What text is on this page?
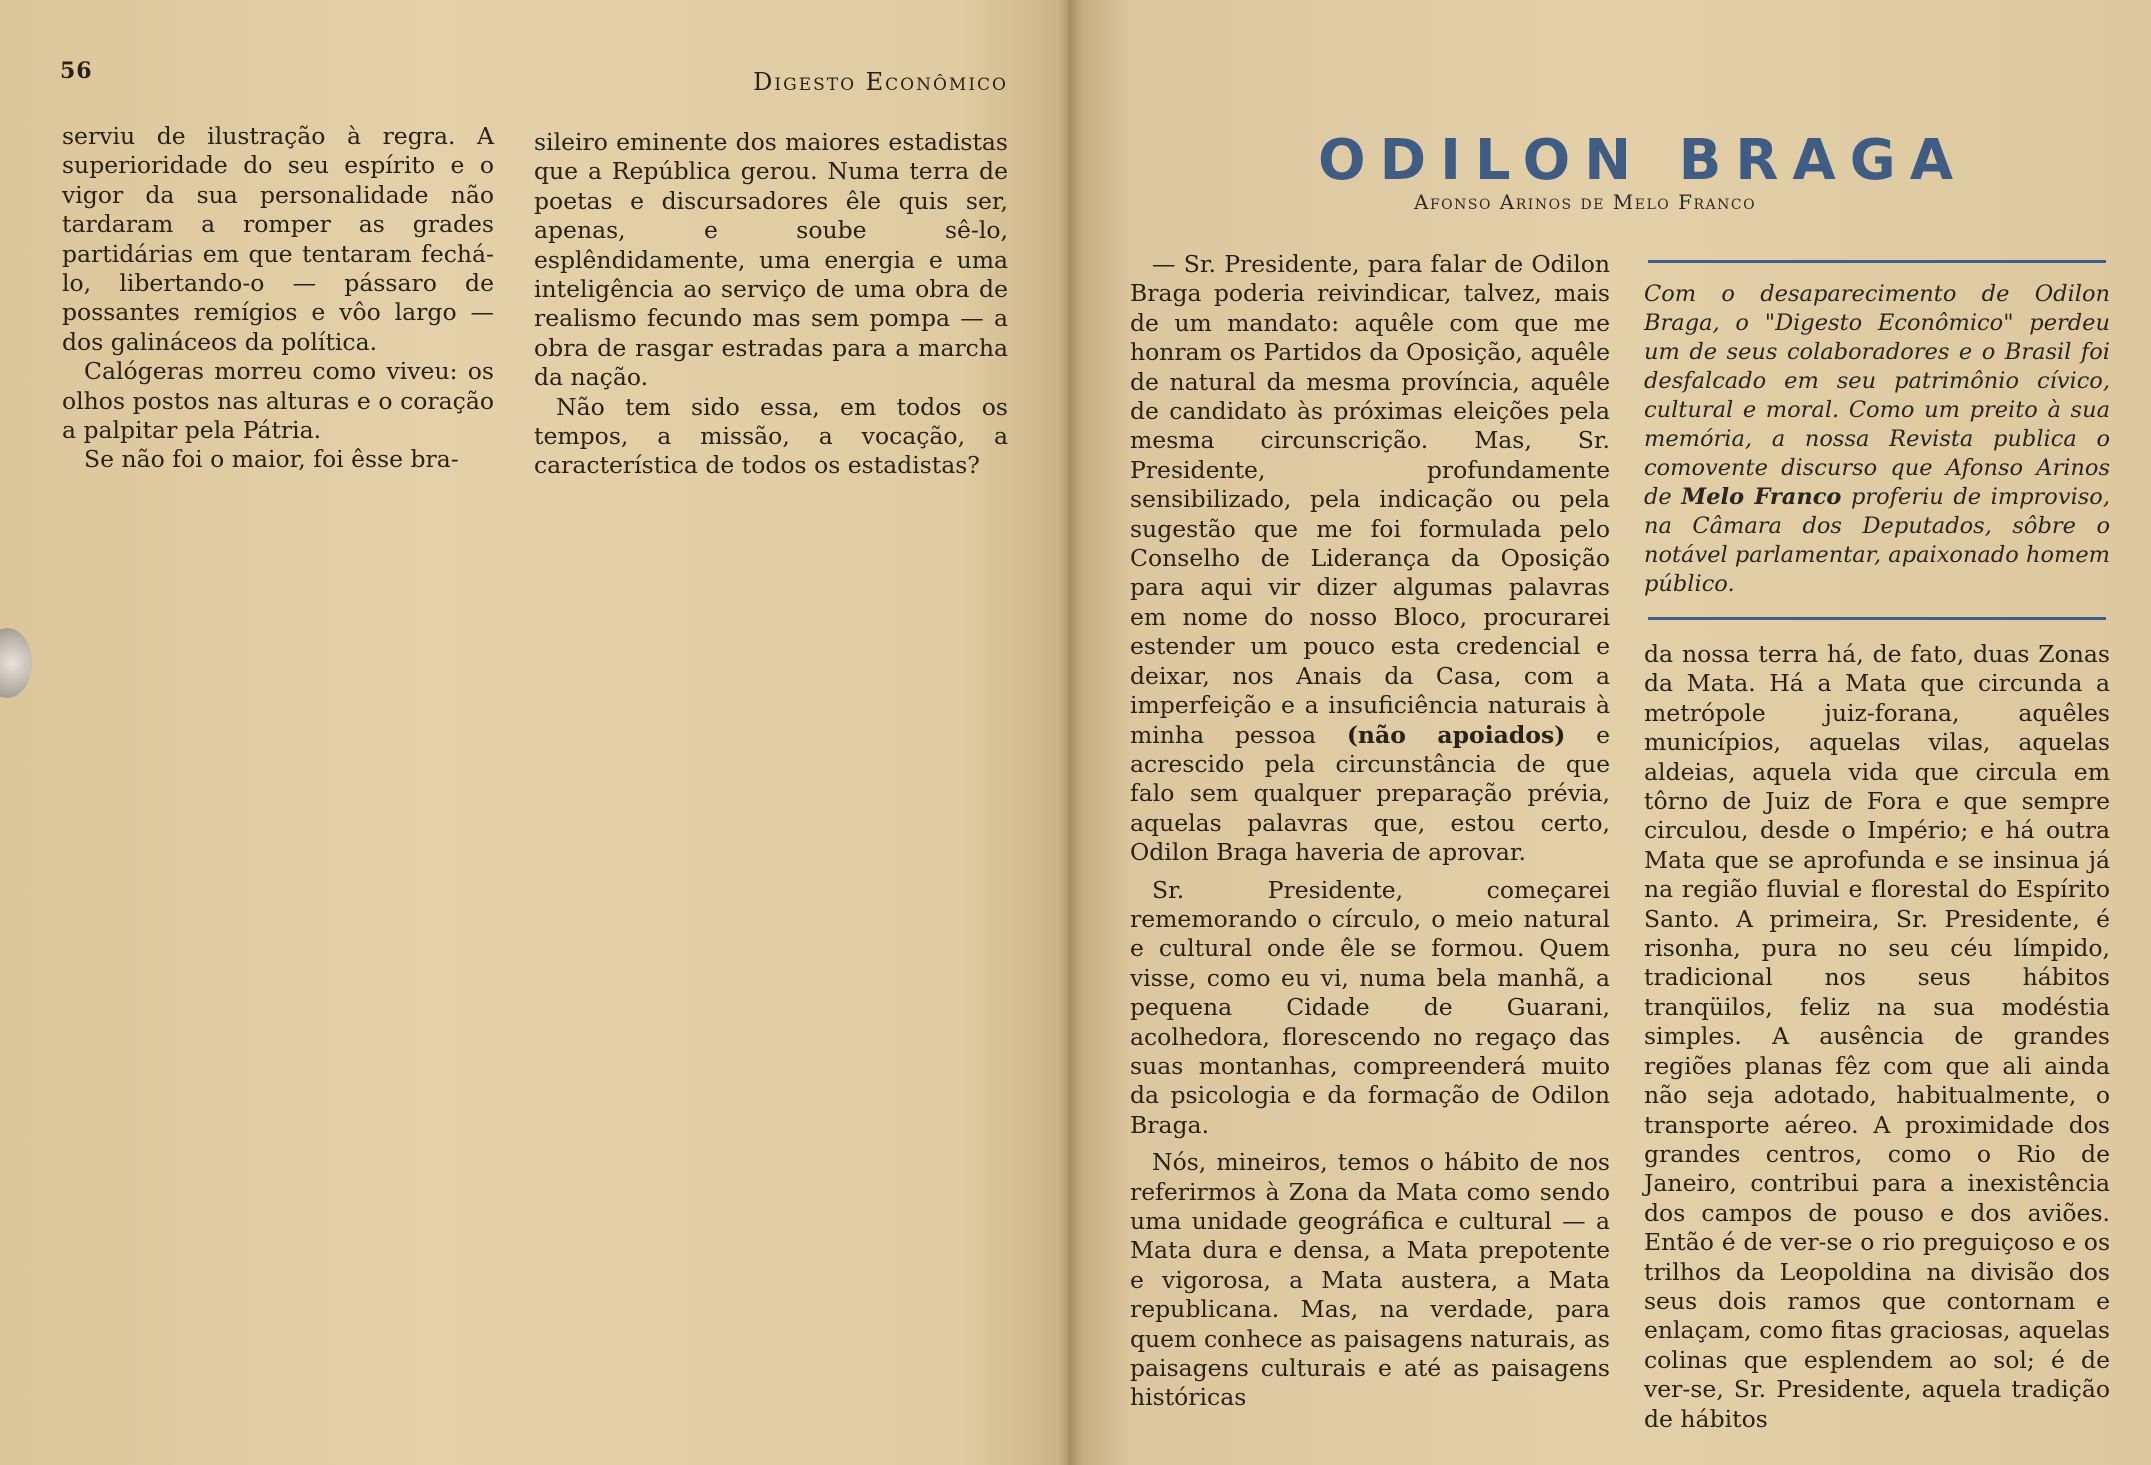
56	Digesto Econômico

serviu de ilustração à regra. A superioridade do seu espírito e o vigor da sua personalidade não tardaram a romper as grades partidárias em que tentaram fechá-lo, libertando-o — pássaro de possantes remígios e vôo largo — dos galináceos da política.

Calógeras morreu como viveu: os olhos postos nas alturas e o coração a palpitar pela Pátria.

Se não foi o maior, foi êsse bra-

sileiro eminente dos maiores estadistas que a República gerou. Numa terra de poetas e discursadores êle quis ser, apenas, e soube sê-lo, esplêndidamente, uma energia e uma inteligência ao serviço de uma obra de realismo fecundo mas sem pompa — a obra de rasgar estradas para a marcha da nação.

Não tem sido essa, em todos os tempos, a missão, a vocação, a característica de todos os estadistas?

ODILON BRAGA
Afonso Arinos de Melo Franco
Com o desaparecimento de Odilon Braga, o "Digesto Econômico" perdeu um de seus colaboradores e o Brasil foi desfalcado em seu patrimônio cívico, cultural e moral. Como um preito à sua memória, a nossa Revista publica o comovente discurso que Afonso Arinos de Melo Franco proferiu de improviso, na Câmara dos Deputados, sôbre o notável parlamentar, apaixonado homem público.

— Sr. Presidente, para falar de Odilon Braga poderia reivindicar, talvez, mais de um mandato: aquêle com que me honram os Partidos da Oposição, aquêle de natural da mesma província, aquêle de candidato às próximas eleições pela mesma circunscrição. Mas, Sr. Presidente, profundamente sensibilizado, pela indicação ou pela sugestão que me foi formulada pelo Conselho de Liderança da Oposição para aqui vir dizer algumas palavras em nome do nosso Bloco, procurarei estender um pouco esta credencial e deixar, nos Anais da Casa, com a imperfeição e a insuficiência naturais à minha pessoa (não apoiados) e acrescido pela circunstância de que falo sem qualquer preparação prévia, aquelas palavras que, estou certo, Odilon Braga haveria de aprovar.

Sr. Presidente, começarei rememorando o círculo, o meio natural e cultural onde êle se formou. Quem visse, como eu vi, numa bela manhã, a pequena Cidade de Guarani, acolhedora, florescendo no regaço das suas montanhas, compreenderá muito da psicologia e da formação de Odilon Braga.

Nós, mineiros, temos o hábito de nos referirmos à Zona da Mata como sendo uma unidade geográfica e cultural — a Mata dura e densa, a Mata prepotente e vigorosa, a Mata austera, a Mata republicana. Mas, na verdade, para quem conhece as paisagens naturais, as paisagens culturais e até as paisagens históricas

da nossa terra há, de fato, duas Zonas da Mata. Há a Mata que circunda a metrópole juiz-forana, aquêles municípios, aquelas vilas, aquelas aldeias, aquela vida que circula em tôrno de Juiz de Fora e que sempre circulou, desde o Império; e há outra Mata que se aprofunda e se insinua já na região fluvial e florestal do Espírito Santo. A primeira, Sr. Presidente, é risonha, pura no seu céu límpido, tradicional nos seus hábitos tranqüilos, feliz na sua modéstia simples. A ausência de grandes regiões planas fêz com que ali ainda não seja adotado, habitualmente, o transporte aéreo. A proximidade dos grandes centros, como o Rio de Janeiro, contribui para a inexistência dos campos de pouso e dos aviões. Então é de ver-se o rio preguiçoso e os trilhos da Leopoldina na divisão dos seus dois ramos que contornam e enlaçam, como fitas graciosas, aquelas colinas que esplendem ao sol; é de ver-se, Sr. Presidente, aquela tradição de hábitos
